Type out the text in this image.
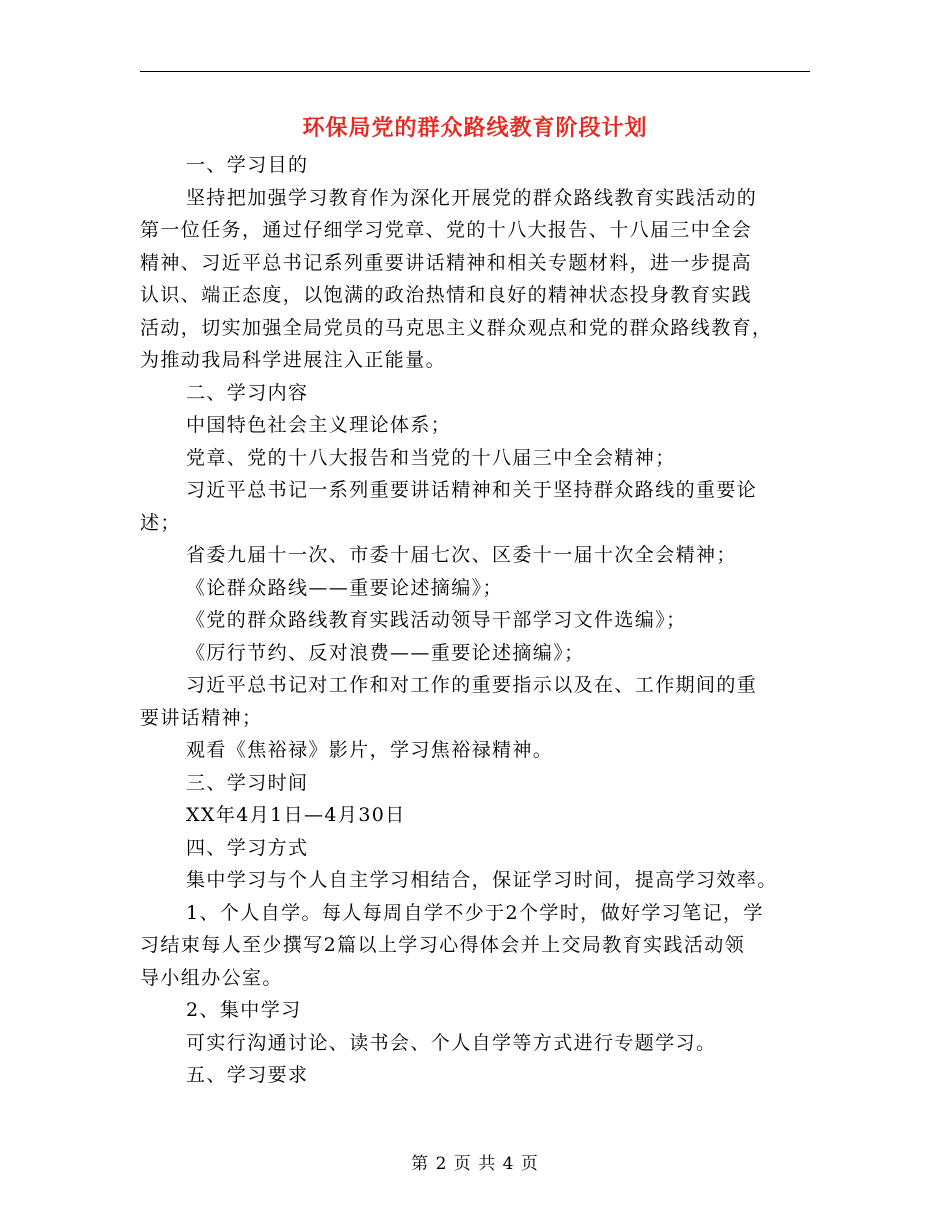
环保局党的群众路线教育阶段计划
一、学习目的
坚持把加强学习教育作为深化开展党的群众路线教育实践活动的
第一位任务，通过仔细学习党章、党的十八大报告、十八届三中全会
精神、习近平总书记系列重要讲话精神和相关专题材料，进一步提高
认识、端正态度，以饱满的政治热情和良好的精神状态投身教育实践
活动，切实加强全局党员的马克思主义群众观点和党的群众路线教育，
为推动我局科学进展注入正能量。
二、学习内容
中国特色社会主义理论体系；
党章、党的十八大报告和当党的十八届三中全会精神；
习近平总书记一系列重要讲话精神和关于坚持群众路线的重要论
述；
省委九届十一次、市委十届七次、区委十一届十次全会精神；
《论群众路线——重要论述摘编》；
《党的群众路线教育实践活动领导干部学习文件选编》；
《厉行节约、反对浪费——重要论述摘编》；
习近平总书记对工作和对工作的重要指示以及在、工作期间的重
要讲话精神；
观看《焦裕禄》影片，学习焦裕禄精神。
三、学习时间
XX年4月1日—4月30日
四、学习方式
集中学习与个人自主学习相结合，保证学习时间，提高学习效率。
1、个人自学。每人每周自学不少于2个学时，做好学习笔记，学
习结束每人至少撰写2篇以上学习心得体会并上交局教育实践活动领
导小组办公室。
2、集中学习
可实行沟通讨论、读书会、个人自学等方式进行专题学习。
五、学习要求
第 2 页 共 4 页
